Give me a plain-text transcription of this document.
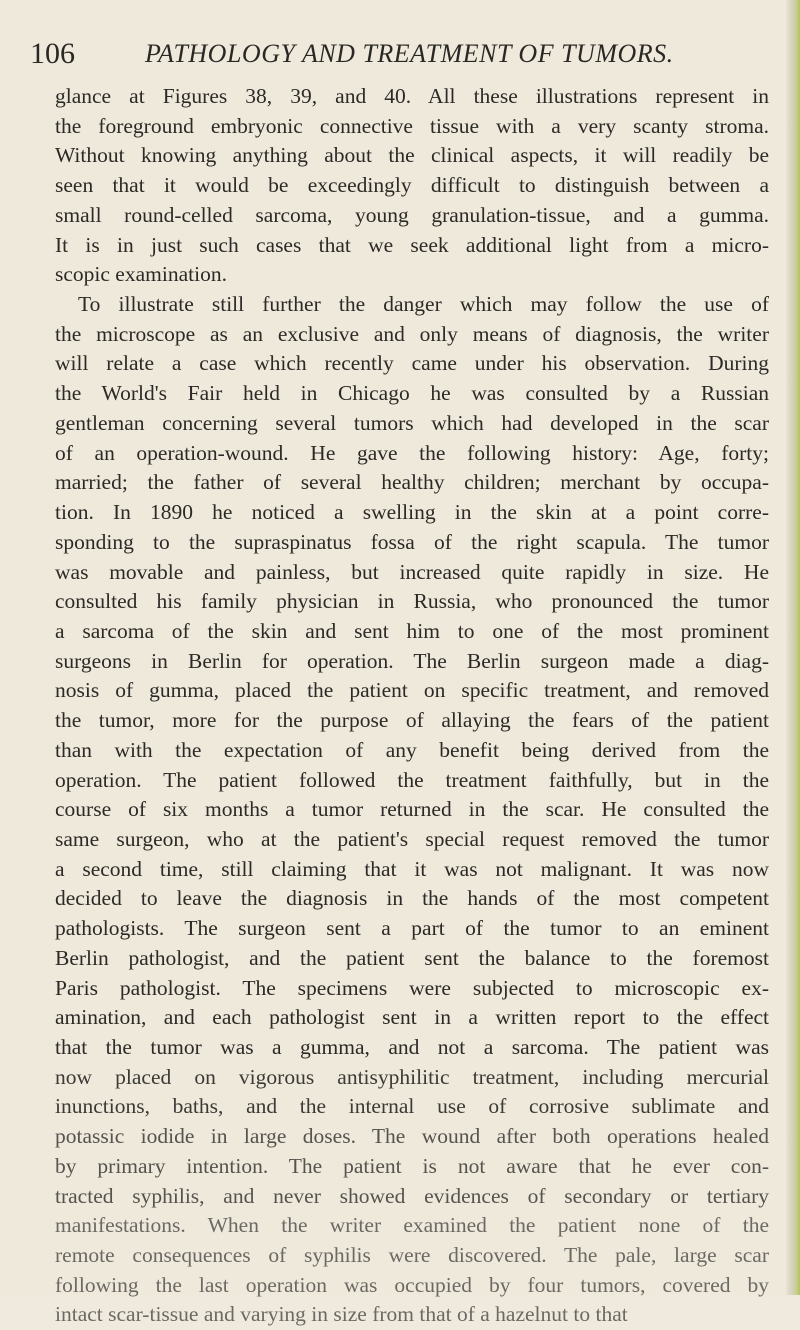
106	PATHOLOGY AND TREATMENT OF TUMORS.
glance at Figures 38, 39, and 40. All these illustrations represent in
the foreground embryonic connective tissue with a very scanty stroma.
Without knowing anything about the clinical aspects, it will readily be
seen that it would be exceedingly difficult to distinguish between a
small round-celled sarcoma, young granulation-tissue, and a gumma.
It is in just such cases that we seek additional light from a micro-
scopic examination.
To illustrate still further the danger which may follow the use of
the microscope as an exclusive and only means of diagnosis, the writer
will relate a case which recently came under his observation. During
the World's Fair held in Chicago he was consulted by a Russian
gentleman concerning several tumors which had developed in the scar
of an operation-wound. He gave the following history: Age, forty;
married; the father of several healthy children; merchant by occupa-
tion. In 1890 he noticed a swelling in the skin at a point corre-
sponding to the supraspinatus fossa of the right scapula. The tumor
was movable and painless, but increased quite rapidly in size. He
consulted his family physician in Russia, who pronounced the tumor
a sarcoma of the skin and sent him to one of the most prominent
surgeons in Berlin for operation. The Berlin surgeon made a diag-
nosis of gumma, placed the patient on specific treatment, and removed
the tumor, more for the purpose of allaying the fears of the patient
than with the expectation of any benefit being derived from the
operation. The patient followed the treatment faithfully, but in the
course of six months a tumor returned in the scar. He consulted the
same surgeon, who at the patient's special request removed the tumor
a second time, still claiming that it was not malignant. It was now
decided to leave the diagnosis in the hands of the most competent
pathologists. The surgeon sent a part of the tumor to an eminent
Berlin pathologist, and the patient sent the balance to the foremost
Paris pathologist. The specimens were subjected to microscopic ex-
amination, and each pathologist sent in a written report to the effect
that the tumor was a gumma, and not a sarcoma. The patient was
now placed on vigorous antisyphilitic treatment, including mercurial
inunctions, baths, and the internal use of corrosive sublimate and
potassic iodide in large doses. The wound after both operations healed
by primary intention. The patient is not aware that he ever con-
tracted syphilis, and never showed evidences of secondary or tertiary
manifestations. When the writer examined the patient none of the
remote consequences of syphilis were discovered. The pale, large scar
following the last operation was occupied by four tumors, covered by
intact scar-tissue and varying in size from that of a hazelnut to that
